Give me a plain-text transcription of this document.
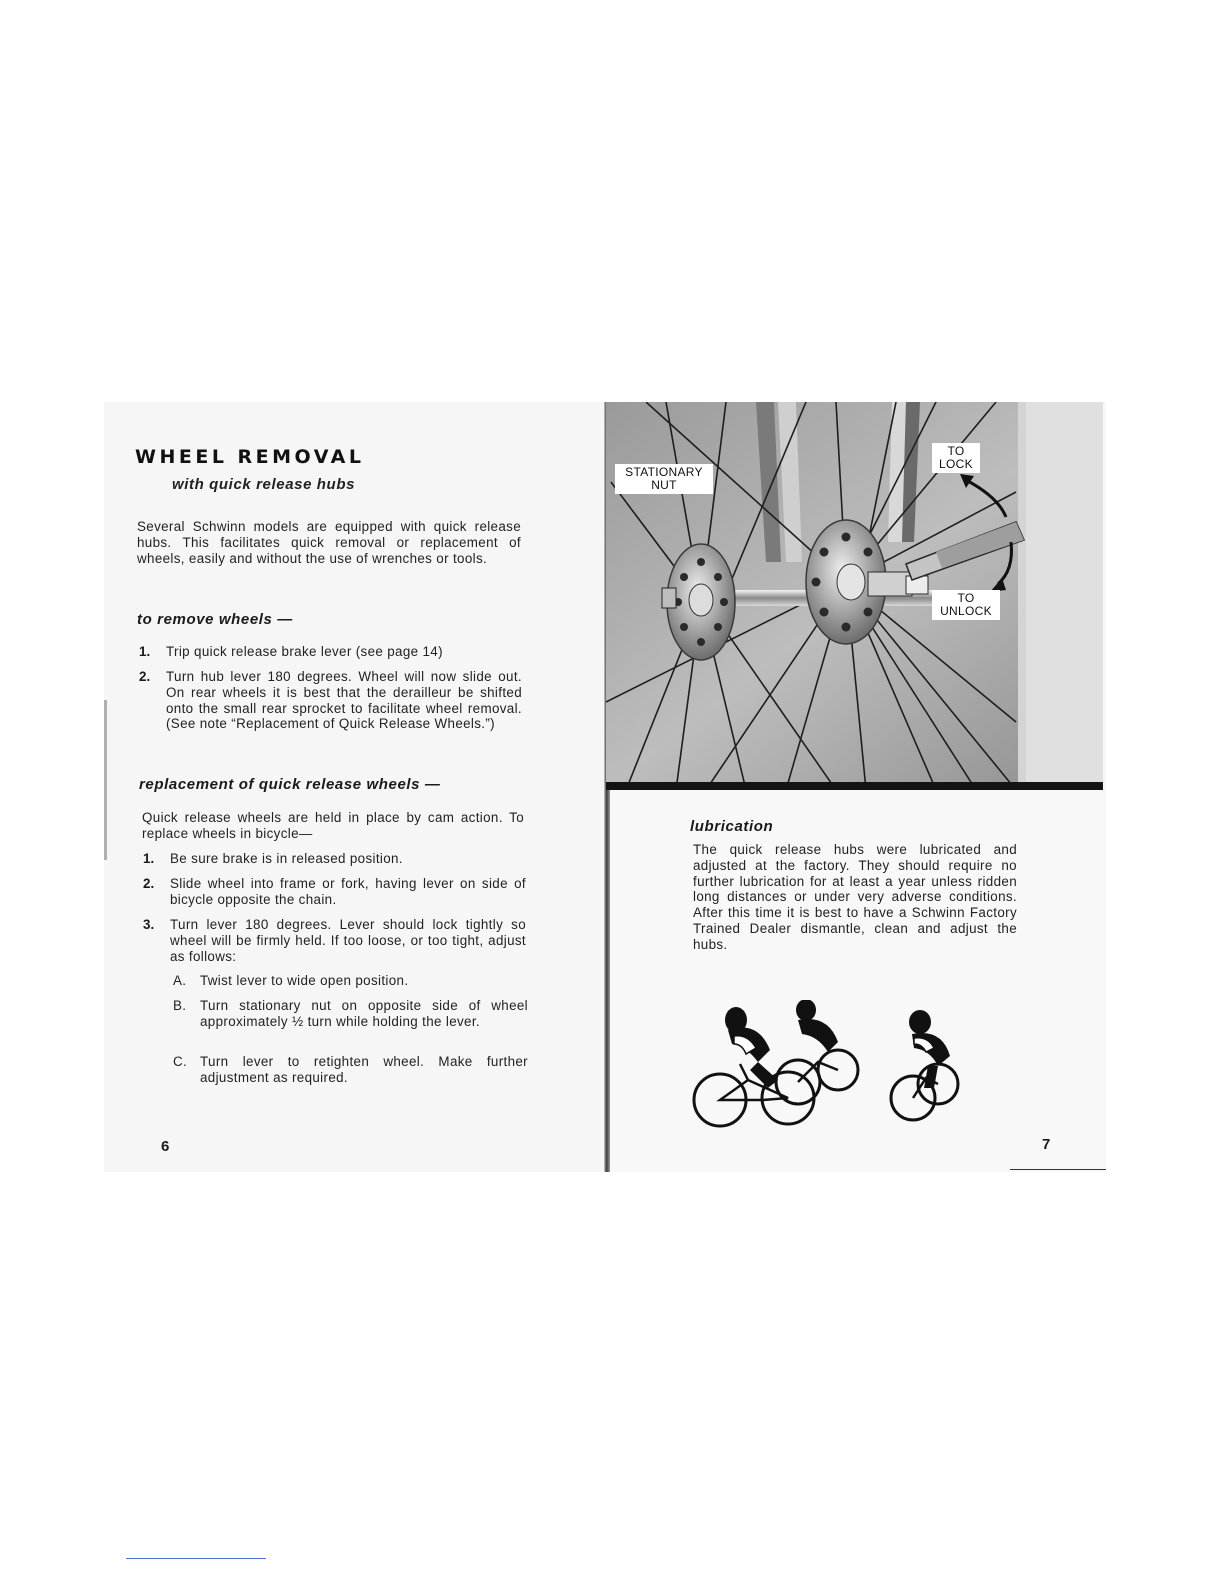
WHEEL REMOVAL
with quick release hubs

Several Schwinn models are equipped with quick release hubs. This facilitates quick removal or replacement of wheels, easily and without the use of wrenches or tools.

to remove wheels —
1. Trip quick release brake lever (see page 14)
2. Turn hub lever 180 degrees. Wheel will now slide out. On rear wheels it is best that the derailleur be shifted onto the small rear sprocket to facilitate wheel removal. (See note “Replacement of Quick Release Wheels.”)
replacement of quick release wheels —

Quick release wheels are held in place by cam action. To replace wheels in bicycle—

1. Be sure brake is in released position.
2. Slide wheel into frame or fork, having lever on side of bicycle opposite the chain.
3. Turn lever 180 degrees. Lever should lock tightly so wheel will be firmly held. If too loose, or too tight, adjust as follows:
A. Twist lever to wide open position.
B. Turn stationary nut on opposite side of wheel approximately ½ turn while holding the lever.
C. Turn lever to retighten wheel. Make further adjustment as required.
6
STATIONARY NUT
TO LOCK
TO UNLOCK
lubrication

The quick release hubs were lubricated and adjusted at the factory. They should require no further lubrication for at least a year unless ridden long distances or under very adverse conditions. After this time it is best to have a Schwinn Factory Trained Dealer dismantle, clean and adjust the hubs.

7
